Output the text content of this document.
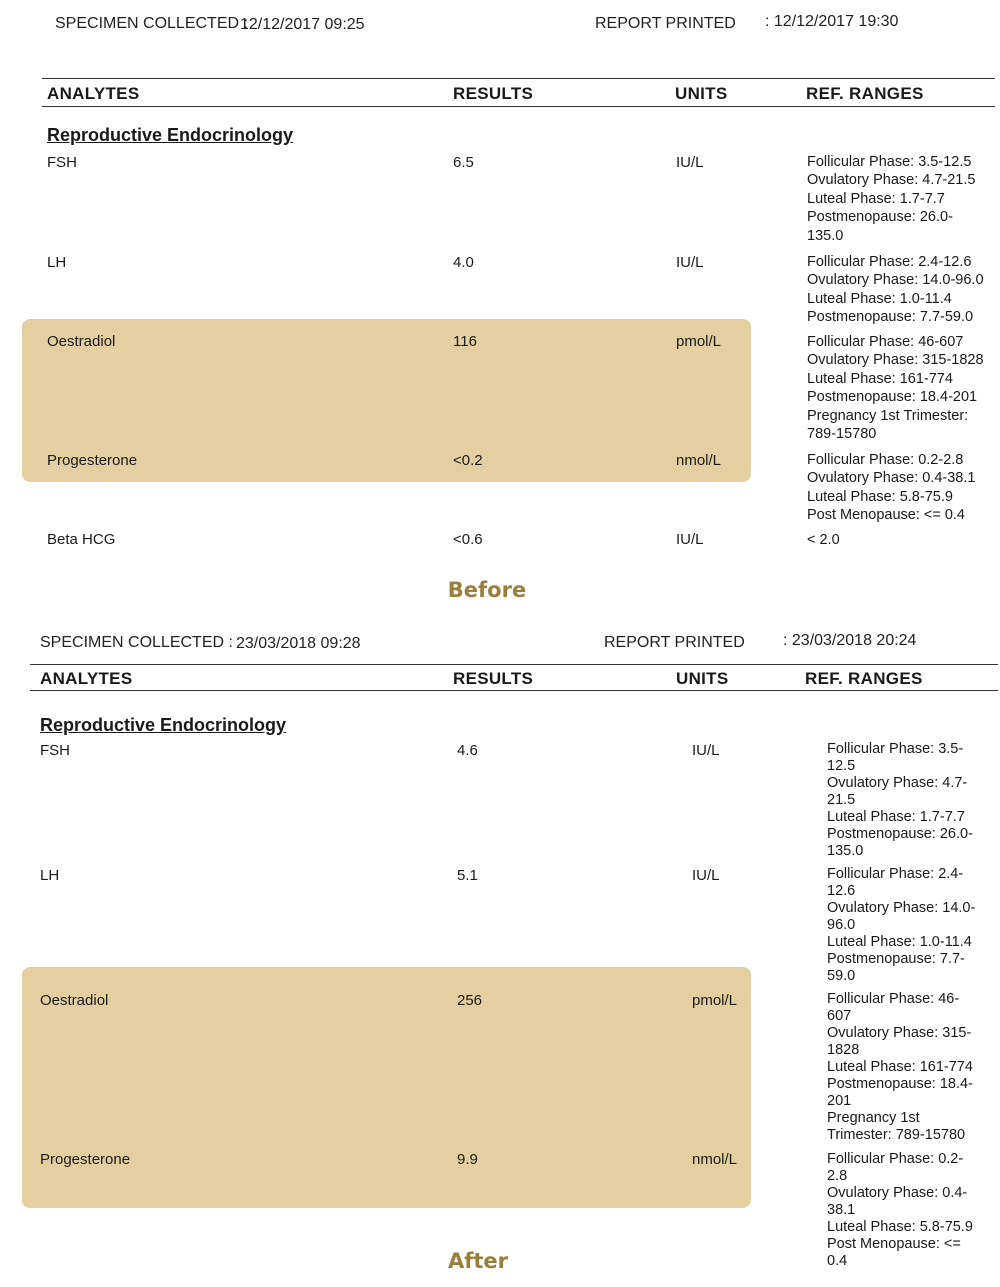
SPECIMEN COLLECTED :
12/12/2017 09:25	REPORT PRINTED : 12/12/2017 19:30
ANALYTES	RESULTS	UNITS	REF. RANGES
Reproductive Endocrinology
FSH	6.5	IU/L	Follicular Phase: 3.5-12.5
Ovulatory Phase: 4.7-21.5
Luteal Phase: 1.7-7.7
Postmenopause: 26.0-
135.0
LH	4.0	IU/L	Follicular Phase: 2.4-12.6
Ovulatory Phase: 14.0-96.0
Luteal Phase: 1.0-11.4
Postmenopause: 7.7-59.0
Oestradiol	116	pmol/L	Follicular Phase: 46-607
Ovulatory Phase: 315-1828
Luteal Phase: 161-774
Postmenopause: 18.4-201
Pregnancy 1st Trimester:
789-15780
Progesterone	<0.2	nmol/L	Follicular Phase: 0.2-2.8
Ovulatory Phase: 0.4-38.1
Luteal Phase: 5.8-75.9
Post Menopause: <= 0.4
Beta HCG	<0.6	IU/L	< 2.0
Before
SPECIMEN COLLECTED : 23/03/2018 09:28	REPORT PRINTED : 23/03/2018 20:24
ANALYTES	RESULTS	UNITS	REF. RANGES
Reproductive Endocrinology
FSH	4.6	IU/L	Follicular Phase: 3.5-
12.5
Ovulatory Phase: 4.7-
21.5
Luteal Phase: 1.7-7.7
Postmenopause: 26.0-
135.0
LH	5.1	IU/L	Follicular Phase: 2.4-
12.6
Ovulatory Phase: 14.0-
96.0
Luteal Phase: 1.0-11.4
Postmenopause: 7.7-
59.0
Oestradiol	256	pmol/L	Follicular Phase: 46-
607
Ovulatory Phase: 315-
1828
Luteal Phase: 161-774
Postmenopause: 18.4-
201
Pregnancy 1st
Trimester: 789-15780
Progesterone	9.9	nmol/L	Follicular Phase: 0.2-
2.8
Ovulatory Phase: 0.4-
38.1
Luteal Phase: 5.8-75.9
Post Menopause: <=
0.4
After
